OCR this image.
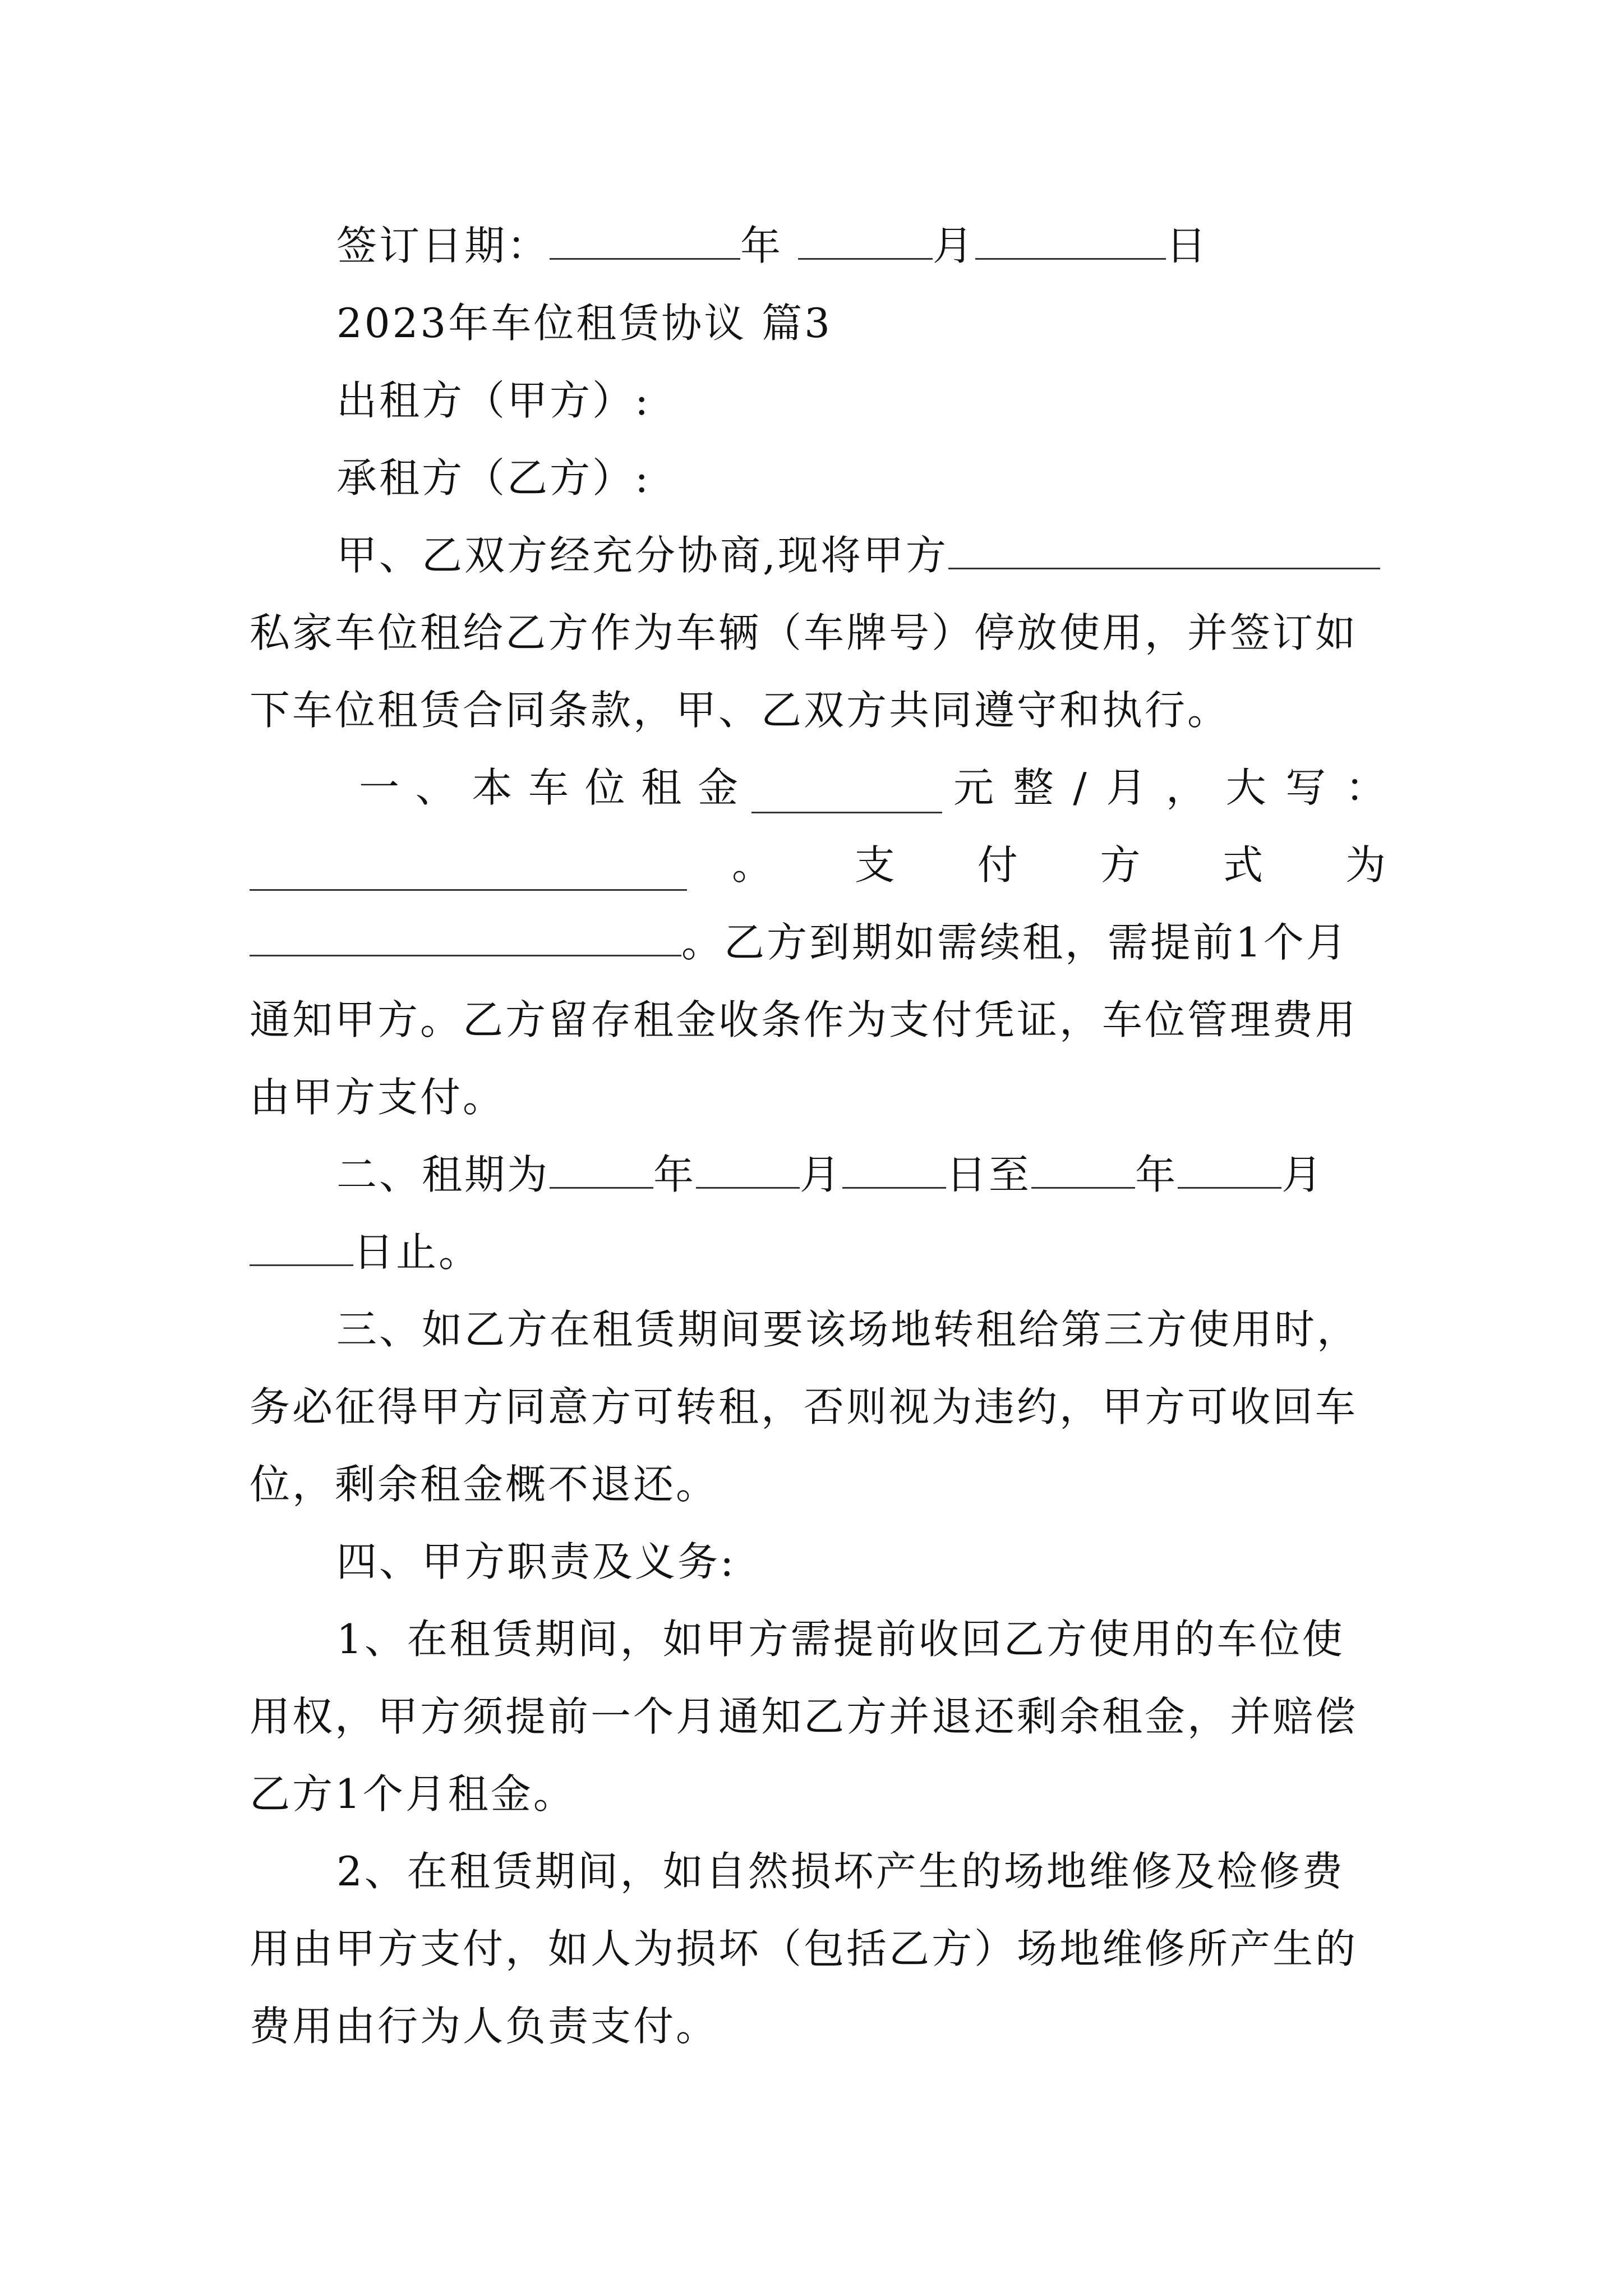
签订日期：	年	月	日
2023年车位租赁协议 篇3
出租方（甲方）:
承租方（乙方）:
甲、乙双方经充分协商,现将甲方
私家车位租给乙方作为车辆（车牌号）停放使用，并签订如
下车位租赁合同条款，甲、乙双方共同遵守和执行。
一 、 本 车 位 租 金	元 整 / 月 ， 大 写 ：
。 支 付 方 式 为
。乙方到期如需续租，需提前1个月
通知甲方。乙方留存租金收条作为支付凭证，车位管理费用
由甲方支付。
二、租期为	年	月	日至	年	月
日止。
三、如乙方在租赁期间要该场地转租给第三方使用时，
务必征得甲方同意方可转租，否则视为违约，甲方可收回车
位，剩余租金概不退还。
四、甲方职责及义务:
1、在租赁期间，如甲方需提前收回乙方使用的车位使
用权，甲方须提前一个月通知乙方并退还剩余租金，并赔偿
乙方1个月租金。
2、在租赁期间，如自然损坏产生的场地维修及检修费
用由甲方支付，如人为损坏（包括乙方）场地维修所产生的
费用由行为人负责支付。
